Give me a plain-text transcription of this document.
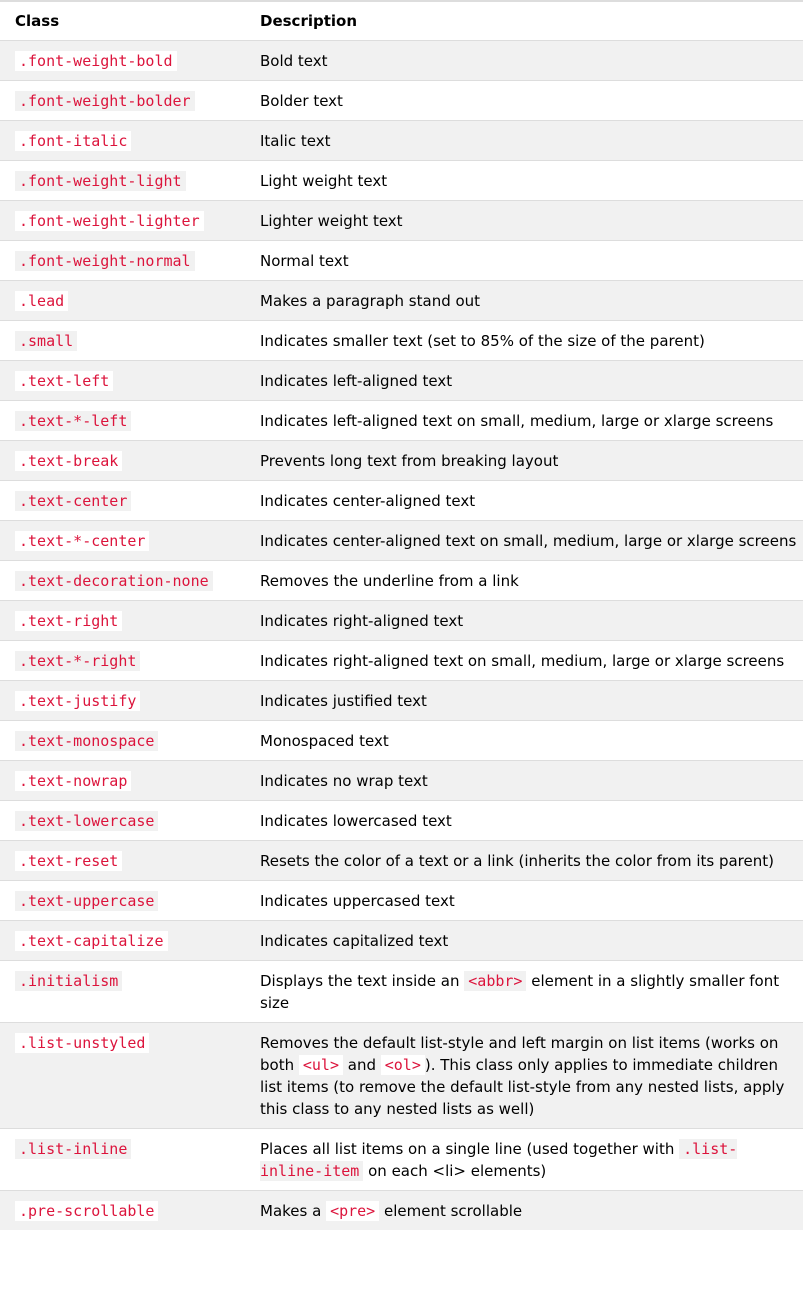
Class	Description
.font-weight-bold	Bold text
.font-weight-bolder	Bolder text
.font-italic	Italic text
.font-weight-light	Light weight text
.font-weight-lighter	Lighter weight text
.font-weight-normal	Normal text
.lead	Makes a paragraph stand out
.small	Indicates smaller text (set to 85% of the size of the parent)
.text-left	Indicates left-aligned text
.text-*-left	Indicates left-aligned text on small, medium, large or xlarge screens
.text-break	Prevents long text from breaking layout
.text-center	Indicates center-aligned text
.text-*-center	Indicates center-aligned text on small, medium, large or xlarge screens
.text-decoration-none	Removes the underline from a link
.text-right	Indicates right-aligned text
.text-*-right	Indicates right-aligned text on small, medium, large or xlarge screens
.text-justify	Indicates justified text
.text-monospace	Monospaced text
.text-nowrap	Indicates no wrap text
.text-lowercase	Indicates lowercased text
.text-reset	Resets the color of a text or a link (inherits the color from its parent)
.text-uppercase	Indicates uppercased text
.text-capitalize	Indicates capitalized text
.initialism	Displays the text inside an <abbr> element in a slightly smaller font size
.list-unstyled	Removes the default list-style and left margin on list items (works on both <ul> and <ol> ). This class only applies to immediate children list items (to remove the default list-style from any nested lists, apply this class to any nested lists as well)
.list-inline	Places all list items on a single line (used together with .list-inline-item on each <li> elements)
.pre-scrollable	Makes a <pre> element scrollable
